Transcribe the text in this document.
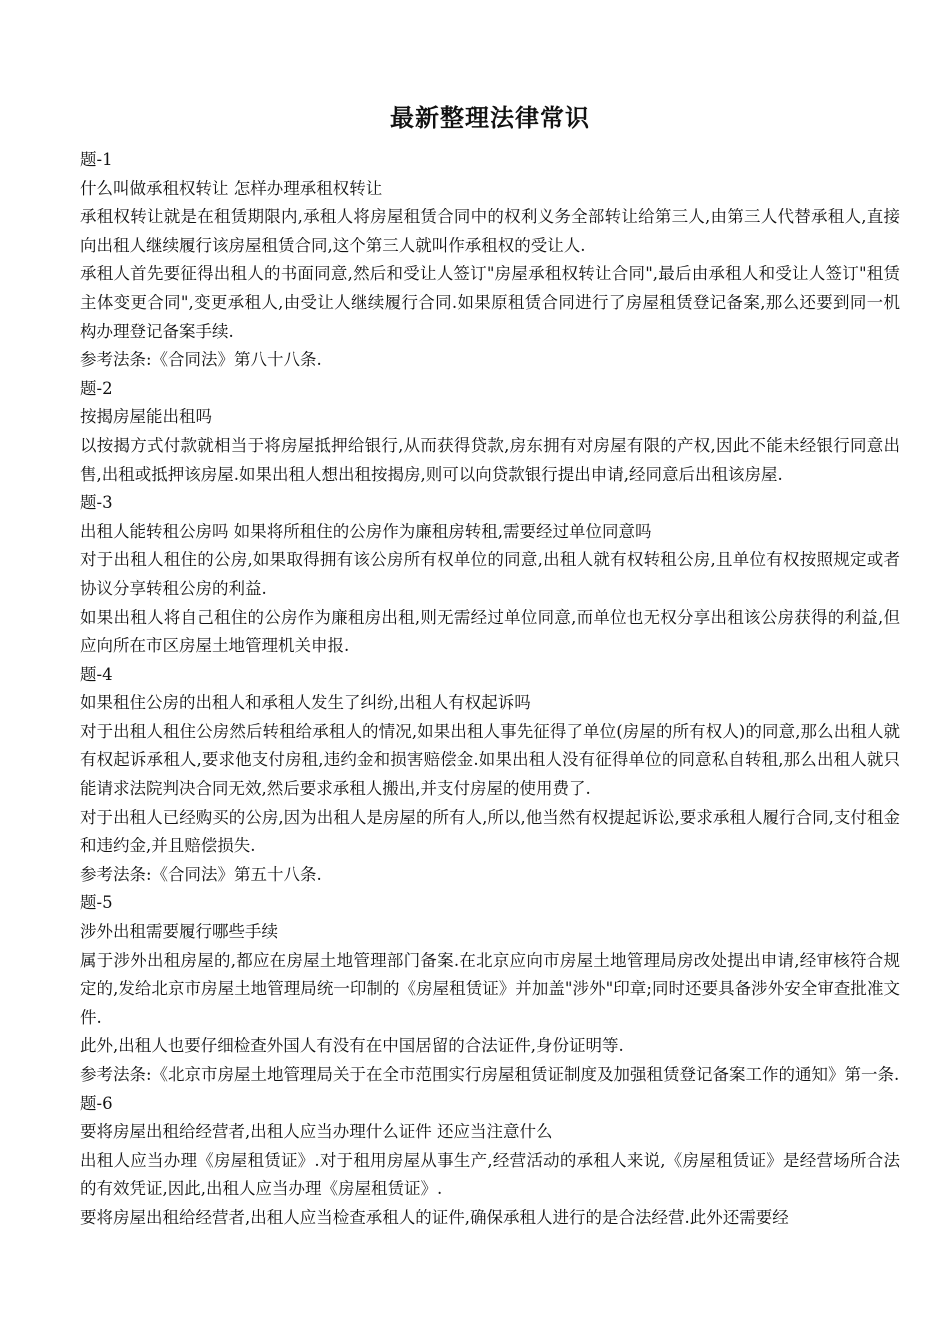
最新整理法律常识

题-1

什么叫做承租权转让 怎样办理承租权转让

承租权转让就是在租赁期限内,承租人将房屋租赁合同中的权利义务全部转让给第三人,由第三人代替承租人,直接向出租人继续履行该房屋租赁合同,这个第三人就叫作承租权的受让人.

承租人首先要征得出租人的书面同意,然后和受让人签订"房屋承租权转让合同",最后由承租人和受让人签订"租赁主体变更合同",变更承租人,由受让人继续履行合同.如果原租赁合同进行了房屋租赁登记备案,那么还要到同一机构办理登记备案手续.

参考法条:《合同法》第八十八条.

题-2

按揭房屋能出租吗

以按揭方式付款就相当于将房屋抵押给银行,从而获得贷款,房东拥有对房屋有限的产权,因此不能未经银行同意出售,出租或抵押该房屋.如果出租人想出租按揭房,则可以向贷款银行提出申请,经同意后出租该房屋.

题-3

出租人能转租公房吗 如果将所租住的公房作为廉租房转租,需要经过单位同意吗

对于出租人租住的公房,如果取得拥有该公房所有权单位的同意,出租人就有权转租公房,且单位有权按照规定或者协议分享转租公房的利益.

如果出租人将自己租住的公房作为廉租房出租,则无需经过单位同意,而单位也无权分享出租该公房获得的利益,但应向所在市区房屋土地管理机关申报.

题-4

如果租住公房的出租人和承租人发生了纠纷,出租人有权起诉吗

对于出租人租住公房然后转租给承租人的情况,如果出租人事先征得了单位(房屋的所有权人)的同意,那么出租人就有权起诉承租人,要求他支付房租,违约金和损害赔偿金.如果出租人没有征得单位的同意私自转租,那么出租人就只能请求法院判决合同无效,然后要求承租人搬出,并支付房屋的使用费了.

对于出租人已经购买的公房,因为出租人是房屋的所有人,所以,他当然有权提起诉讼,要求承租人履行合同,支付租金和违约金,并且赔偿损失.

参考法条:《合同法》第五十八条.

题-5

涉外出租需要履行哪些手续

属于涉外出租房屋的,都应在房屋土地管理部门备案.在北京应向市房屋土地管理局房改处提出申请,经审核符合规定的,发给北京市房屋土地管理局统一印制的《房屋租赁证》并加盖"涉外"印章;同时还要具备涉外安全审查批准文件.

此外,出租人也要仔细检查外国人有没有在中国居留的合法证件,身份证明等.

参考法条:《北京市房屋土地管理局关于在全市范围实行房屋租赁证制度及加强租赁登记备案工作的通知》第一条.

题-6

要将房屋出租给经营者,出租人应当办理什么证件 还应当注意什么

出租人应当办理《房屋租赁证》.对于租用房屋从事生产,经营活动的承租人来说,《房屋租赁证》是经营场所合法的有效凭证,因此,出租人应当办理《房屋租赁证》.

要将房屋出租给经营者,出租人应当检查承租人的证件,确保承租人进行的是合法经营.此外还需要经
